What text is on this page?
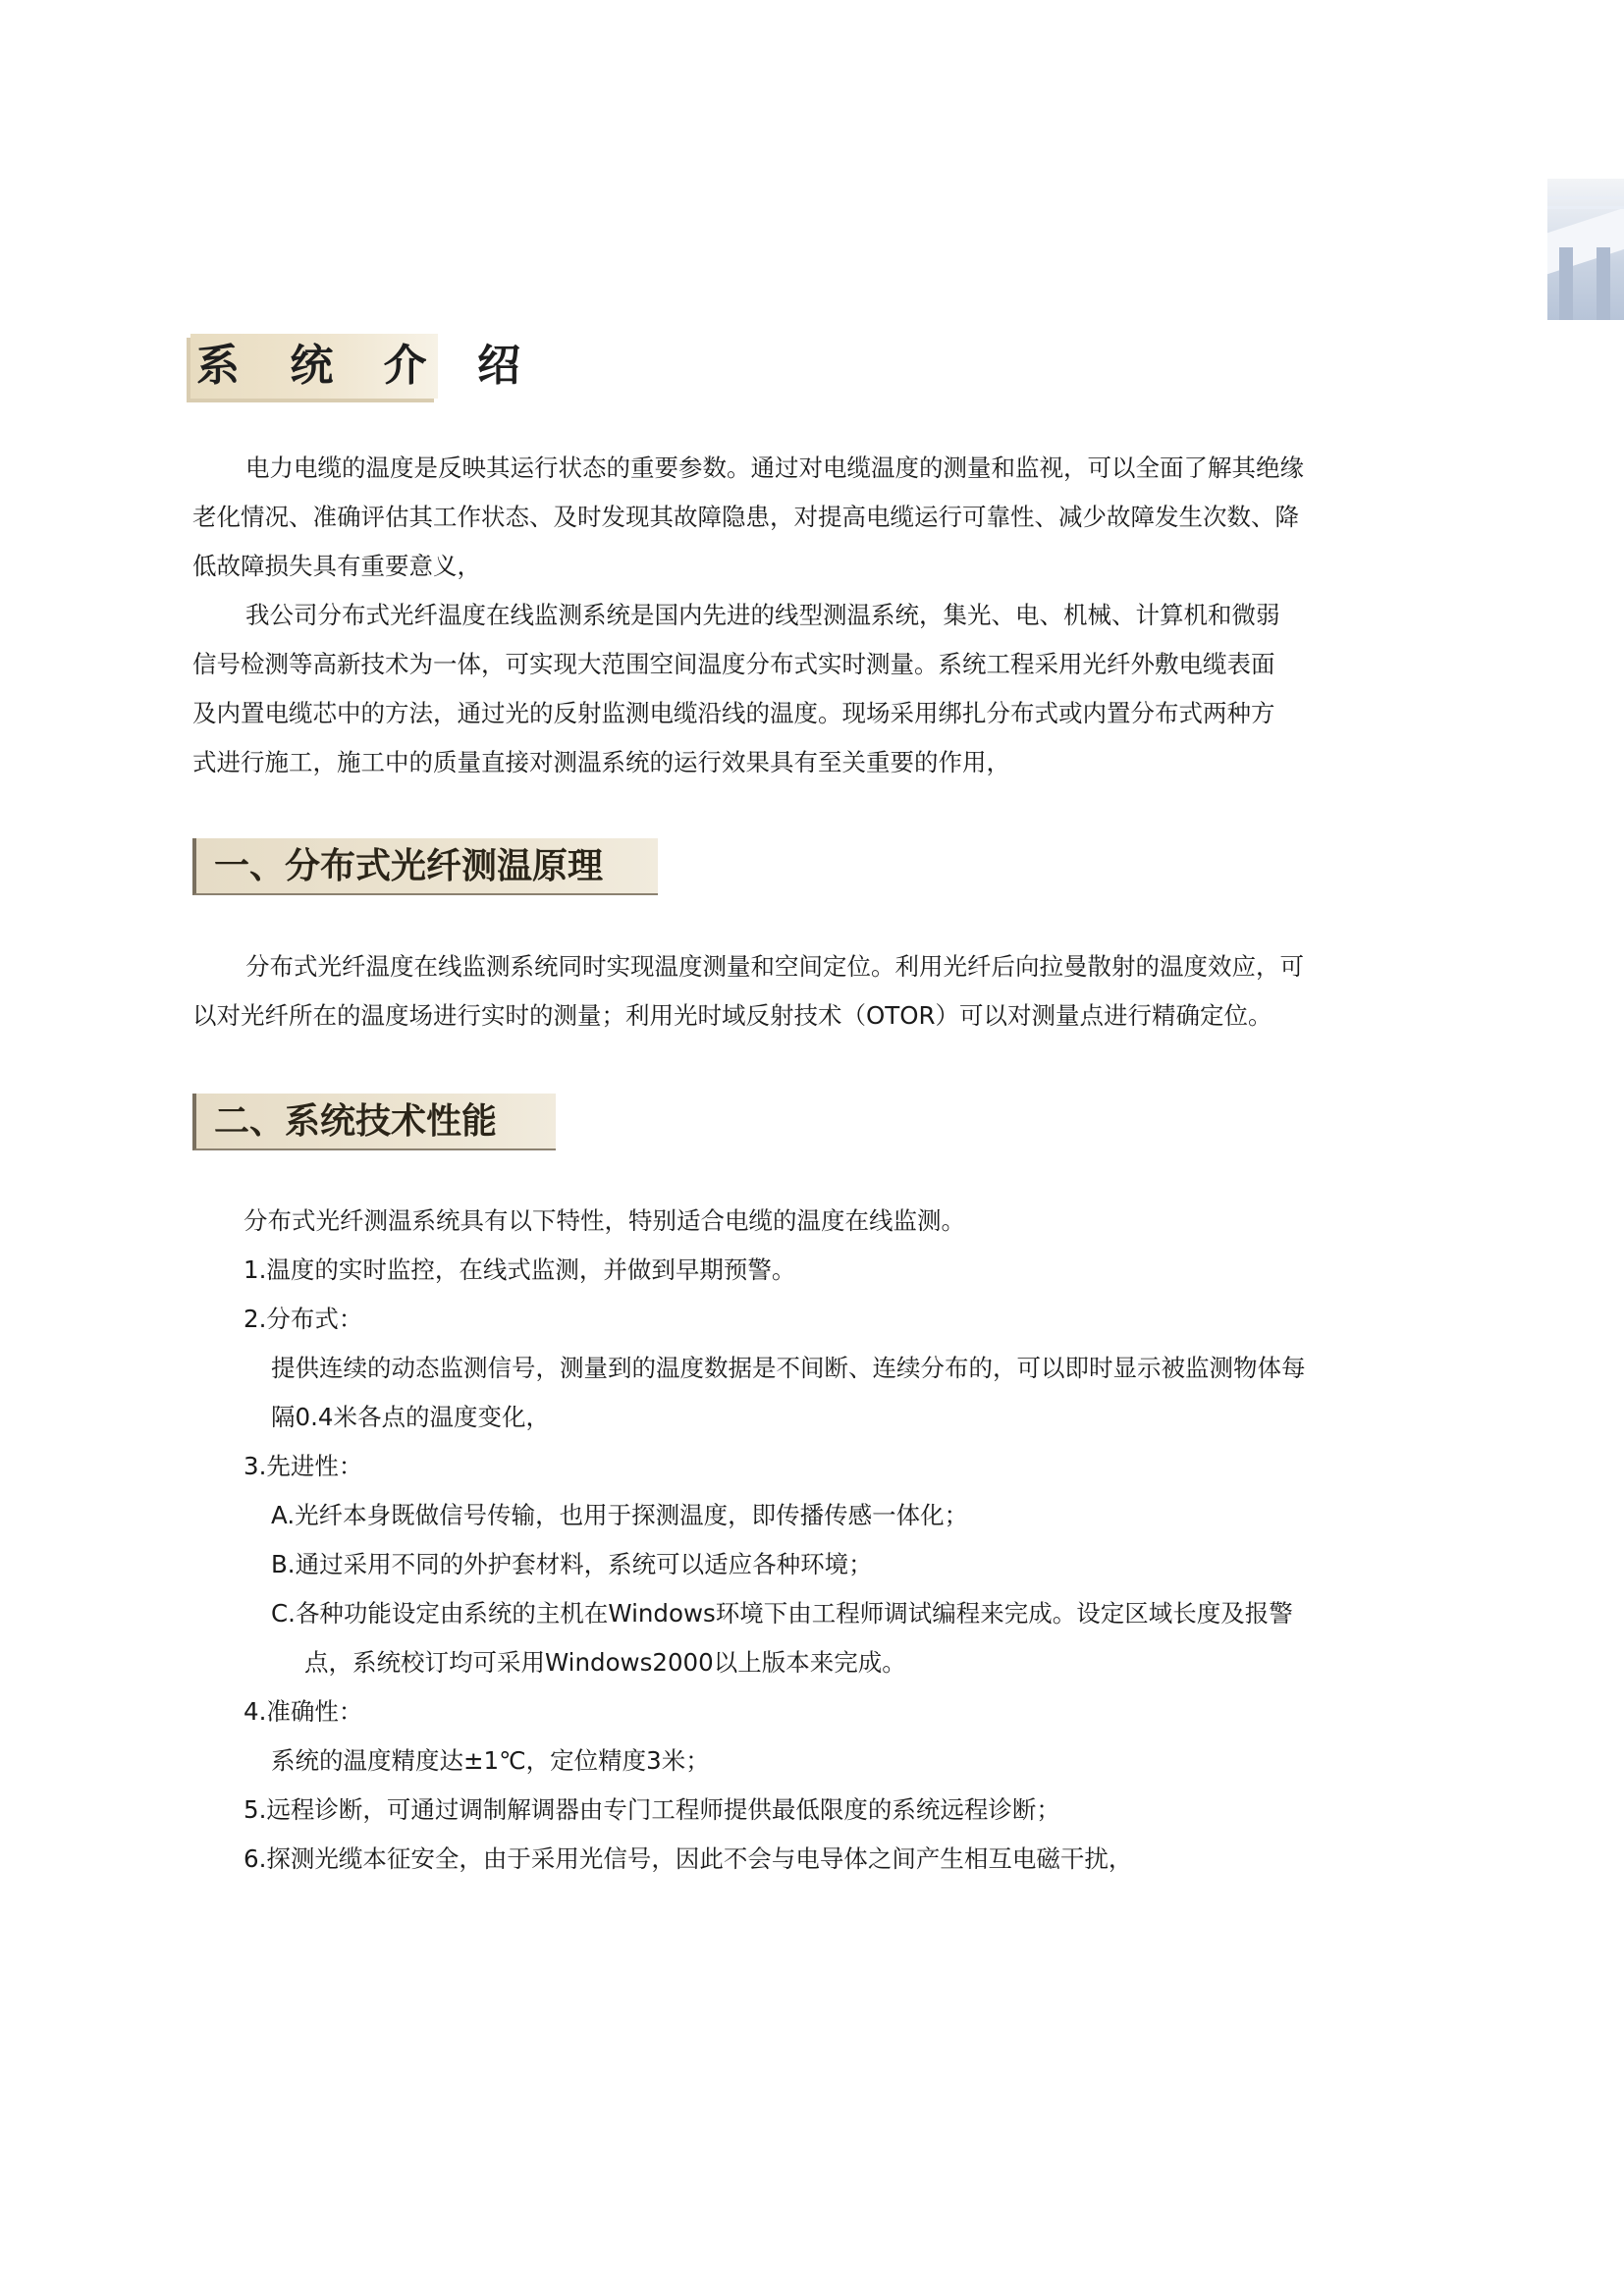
系 统 介 绍

电力电缆的温度是反映其运行状态的重要参数。通过对电缆温度的测量和监视，可以全面了解其绝缘
老化情况、准确评估其工作状态、及时发现其故障隐患，对提高电缆运行可靠性、减少故障发生次数、降
低故障损失具有重要意义，

我公司分布式光纤温度在线监测系统是国内先进的线型测温系统，集光、电、机械、计算机和微弱
信号检测等高新技术为一体，可实现大范围空间温度分布式实时测量。系统工程采用光纤外敷电缆表面
及内置电缆芯中的方法，通过光的反射监测电缆沿线的温度。现场采用绑扎分布式或内置分布式两种方
式进行施工，施工中的质量直接对测温系统的运行效果具有至关重要的作用，

一、分布式光纤测温原理

分布式光纤温度在线监测系统同时实现温度测量和空间定位。利用光纤后向拉曼散射的温度效应，可
以对光纤所在的温度场进行实时的测量；利用光时域反射技术（OTOR）可以对测量点进行精确定位。

二、系统技术性能
分布式光纤测温系统具有以下特性，特别适合电缆的温度在线监测。
1.温度的实时监控，在线式监测，并做到早期预警。
2.分布式：
提供连续的动态监测信号，测量到的温度数据是不间断、连续分布的，可以即时显示被监测物体每
隔0.4米各点的温度变化，
3.先进性：
A.光纤本身既做信号传输，也用于探测温度，即传播传感一体化；
B.通过采用不同的外护套材料，系统可以适应各种环境；
C.各种功能设定由系统的主机在Windows环境下由工程师调试编程来完成。设定区域长度及报警
点，系统校订均可采用Windows2000以上版本来完成。
4.准确性：
系统的温度精度达±1℃，定位精度3米；
5.远程诊断，可通过调制解调器由专门工程师提供最低限度的系统远程诊断；
6.探测光缆本征安全，由于采用光信号，因此不会与电导体之间产生相互电磁干扰，
